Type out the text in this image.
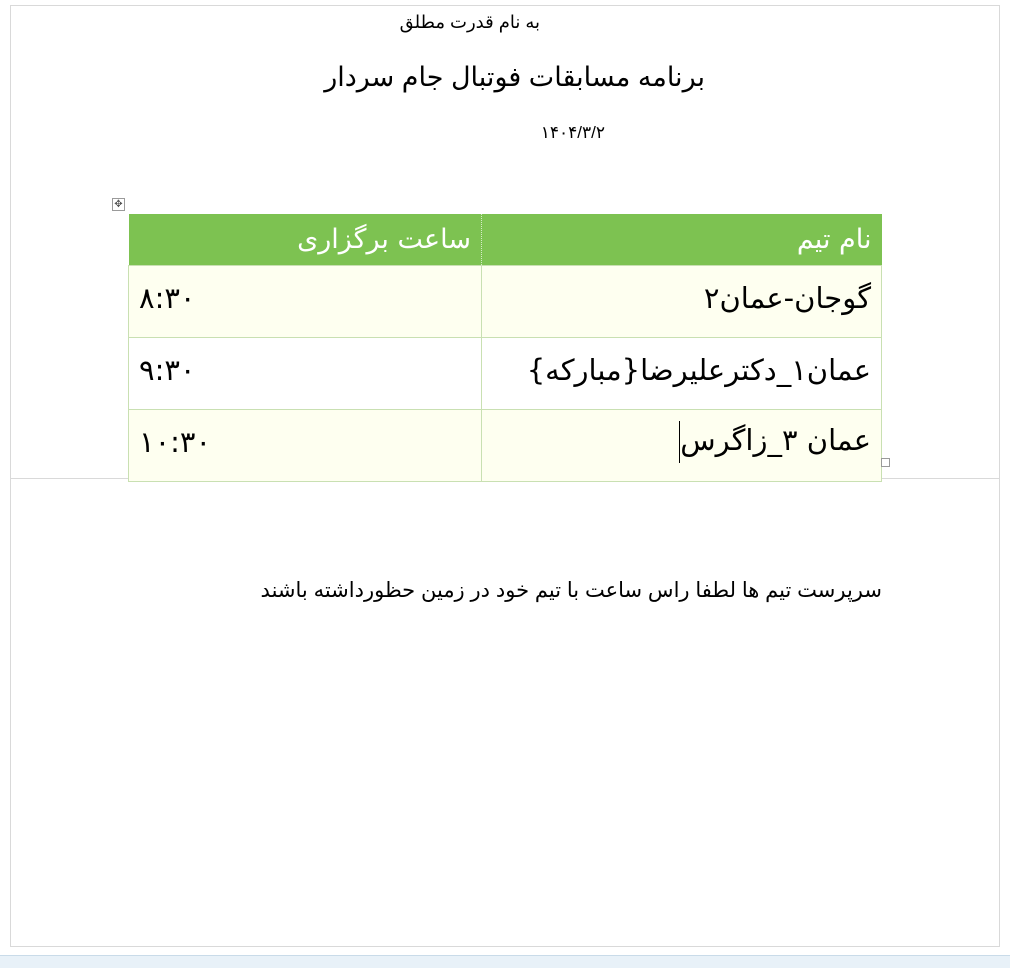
به نام قدرت مطلق
برنامه مسابقات فوتبال جام سردار
۱۴۰۴/۳/۲
✥
نام تیم	ساعت برگزاری
گوجان-عمان۲	۸:۳۰
عمان۱_دکترعلیرضا{مبارکه}	۹:۳۰
عمان ۳_زاگرس	۱۰:۳۰
سرپرست تیم ها لطفا راس ساعت با تیم خود در زمین حظورداشته باشند
